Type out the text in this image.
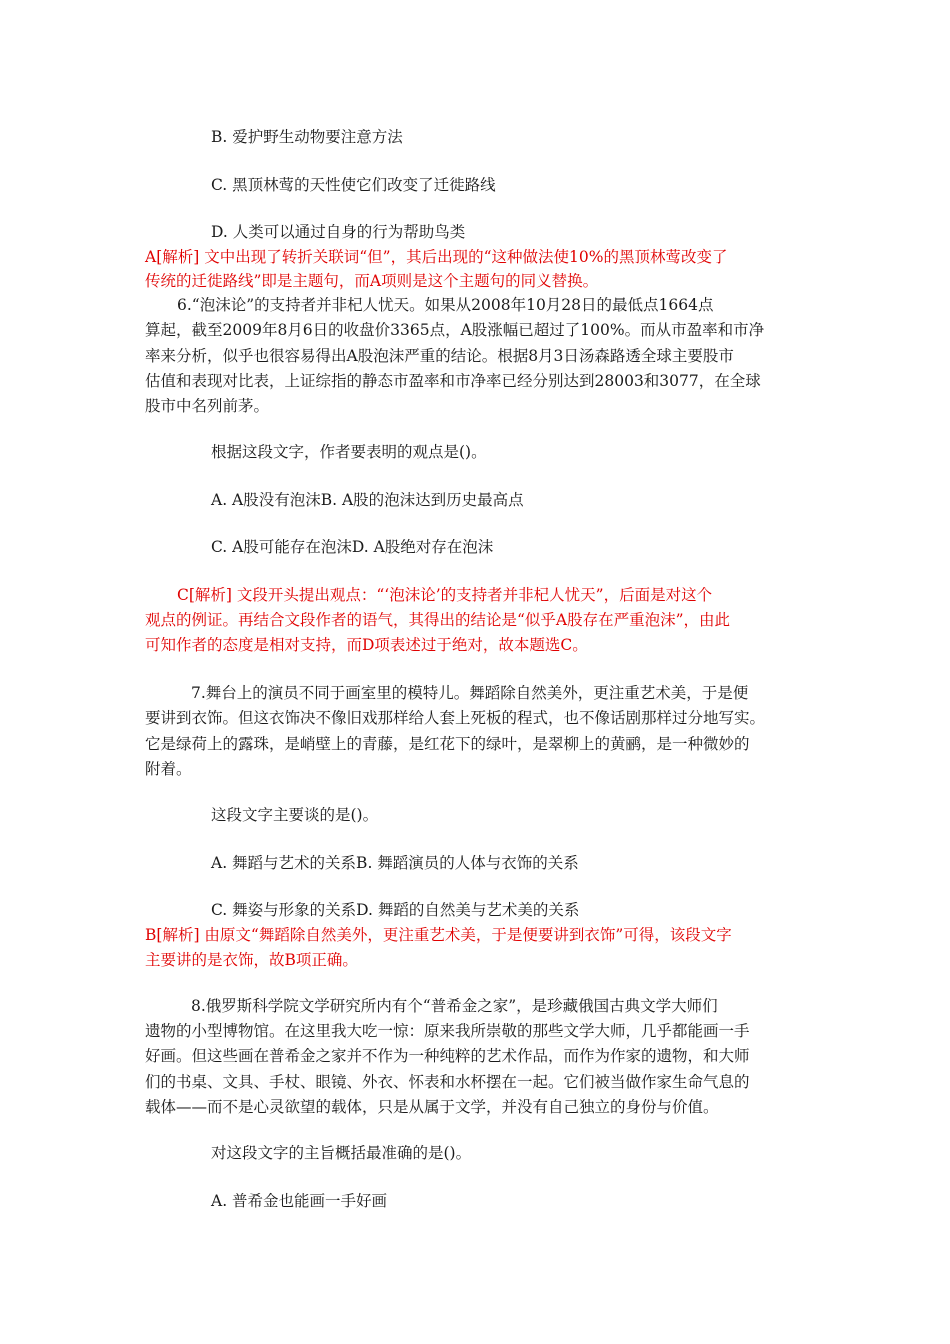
B. 爱护野生动物要注意方法
C. 黑顶林莺的天性使它们改变了迁徙路线
D. 人类可以通过自身的行为帮助鸟类
A[解析] 文中出现了转折关联词“但”，其后出现的“这种做法使10%的黑顶林莺改变了
传统的迁徙路线”即是主题句，而A项则是这个主题句的同义替换。
6.“泡沫论”的支持者并非杞人忧天。如果从2008年10月28日的最低点1664点
算起，截至2009年8月6日的收盘价3365点，A股涨幅已超过了100%。而从市盈率和市净
率来分析，似乎也很容易得出A股泡沫严重的结论。根据8月3日汤森路透全球主要股市
估值和表现对比表，上证综指的静态市盈率和市净率已经分别达到28003和3077，在全球
股市中名列前茅。
根据这段文字，作者要表明的观点是()。
A. A股没有泡沫B. A股的泡沫达到历史最高点
C. A股可能存在泡沫D. A股绝对存在泡沫
C[解析] 文段开头提出观点：“‘泡沫论’的支持者并非杞人忧天”，后面是对这个
观点的例证。再结合文段作者的语气，其得出的结论是“似乎A股存在严重泡沫”，由此
可知作者的态度是相对支持，而D项表述过于绝对，故本题选C。
7.舞台上的演员不同于画室里的模特儿。舞蹈除自然美外，更注重艺术美，于是便
要讲到衣饰。但这衣饰决不像旧戏那样给人套上死板的程式，也不像话剧那样过分地写实。
它是绿荷上的露珠，是峭壁上的青藤，是红花下的绿叶，是翠柳上的黄鹂，是一种微妙的
附着。
这段文字主要谈的是()。
A. 舞蹈与艺术的关系B. 舞蹈演员的人体与衣饰的关系
C. 舞姿与形象的关系D. 舞蹈的自然美与艺术美的关系
B[解析] 由原文“舞蹈除自然美外，更注重艺术美，于是便要讲到衣饰”可得，该段文字
主要讲的是衣饰，故B项正确。
8.俄罗斯科学院文学研究所内有个“普希金之家”，是珍藏俄国古典文学大师们
遗物的小型博物馆。在这里我大吃一惊：原来我所崇敬的那些文学大师，几乎都能画一手
好画。但这些画在普希金之家并不作为一种纯粹的艺术作品，而作为作家的遗物，和大师
们的书桌、文具、手杖、眼镜、外衣、怀表和水杯摆在一起。它们被当做作家生命气息的
载体——而不是心灵欲望的载体，只是从属于文学，并没有自己独立的身份与价值。
对这段文字的主旨概括最准确的是()。
A. 普希金也能画一手好画
